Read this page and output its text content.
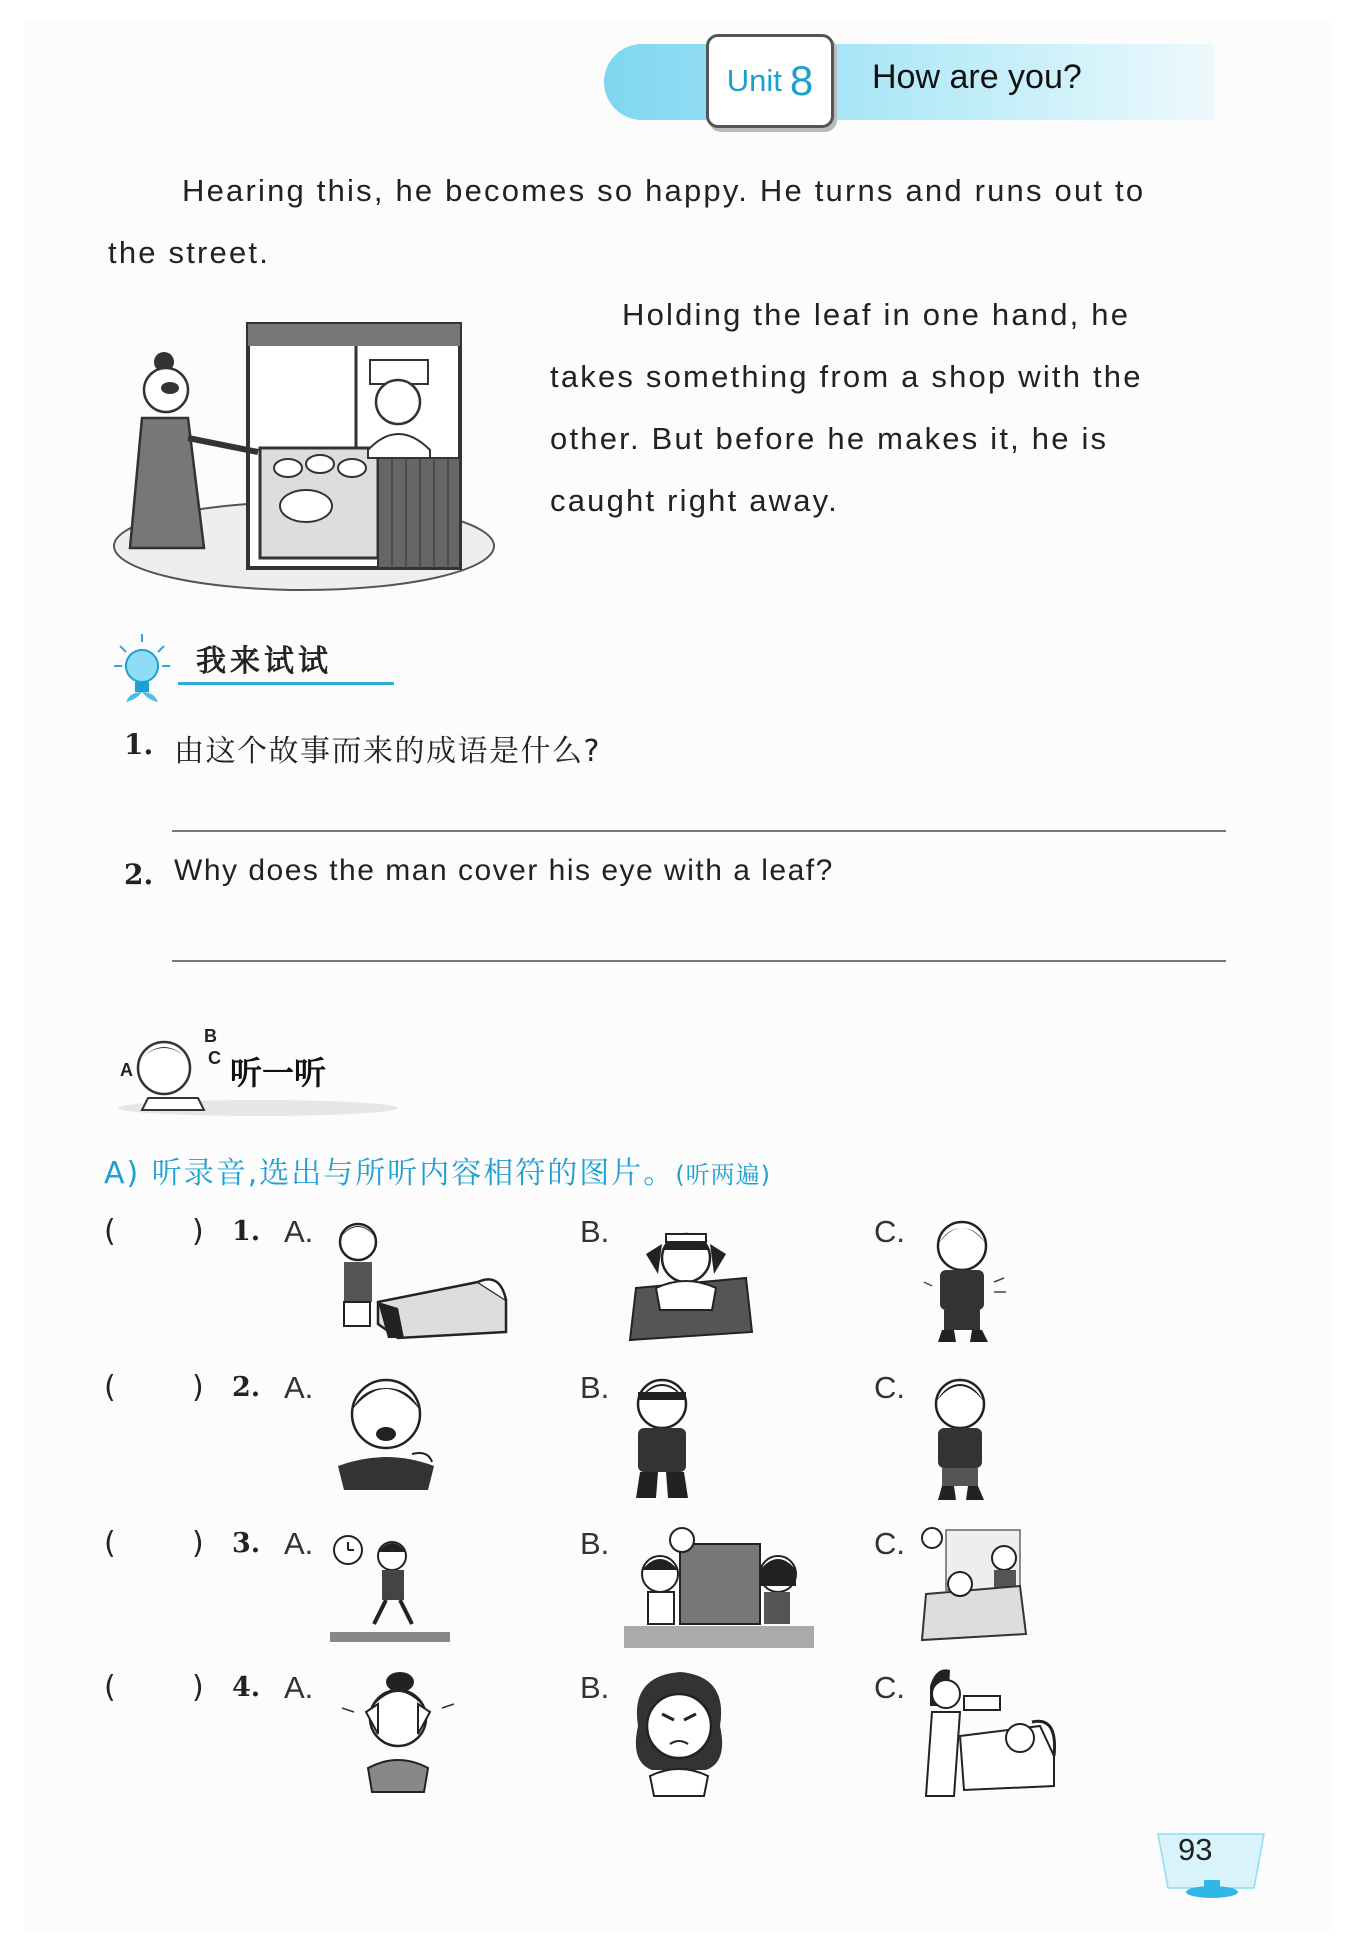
Unit 8 How are you?
Hearing this, he becomes so happy. He turns and runs out to
the street.
Holding the leaf in one hand, he
takes something from a shop with the
other. But before he makes it, he is
caught right away.
我来试试
1. 由这个故事而来的成语是什么?
2. Why does the man cover his eye with a leaf?
A
B
C 听一听
A) 听录音,选出与所听内容相符的图片。(听两遍)
(        ) 1. A.	B.	C.
(        ) 2. A.	B.	C.
(        ) 3. A.	B.	C.
(        ) 4. A.	B.	C.
93
